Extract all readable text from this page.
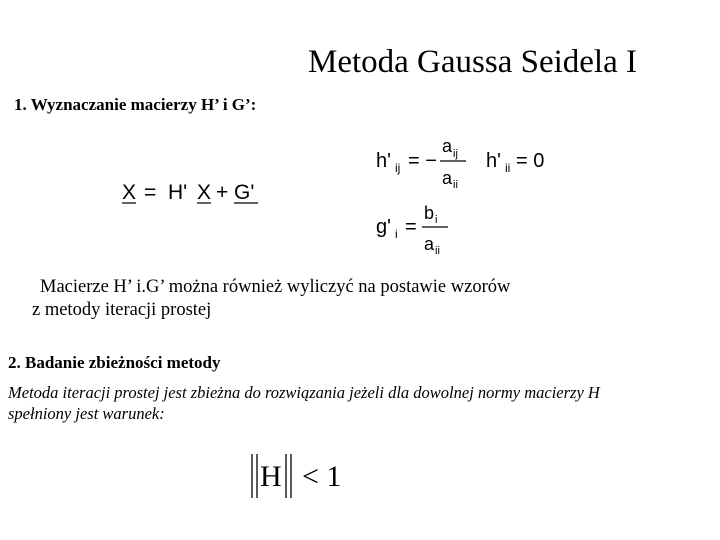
Metoda Gaussa Seidela I
1. Wyznaczanie macierzy H’ i G’:
X = H' X + G'
h' ij = −
a ij
a ii
h' ii = 0
g' i =
b i
a ii
Macierze H’ i.G’ można również wyliczyć na postawie wzorów
z metody iteracji prostej
2. Badanie zbieżności metody
Metoda iteracji prostej jest zbieżna do rozwiązania jeżeli dla dowolnej normy macierzy H
spełniony jest warunek:
H < 1
